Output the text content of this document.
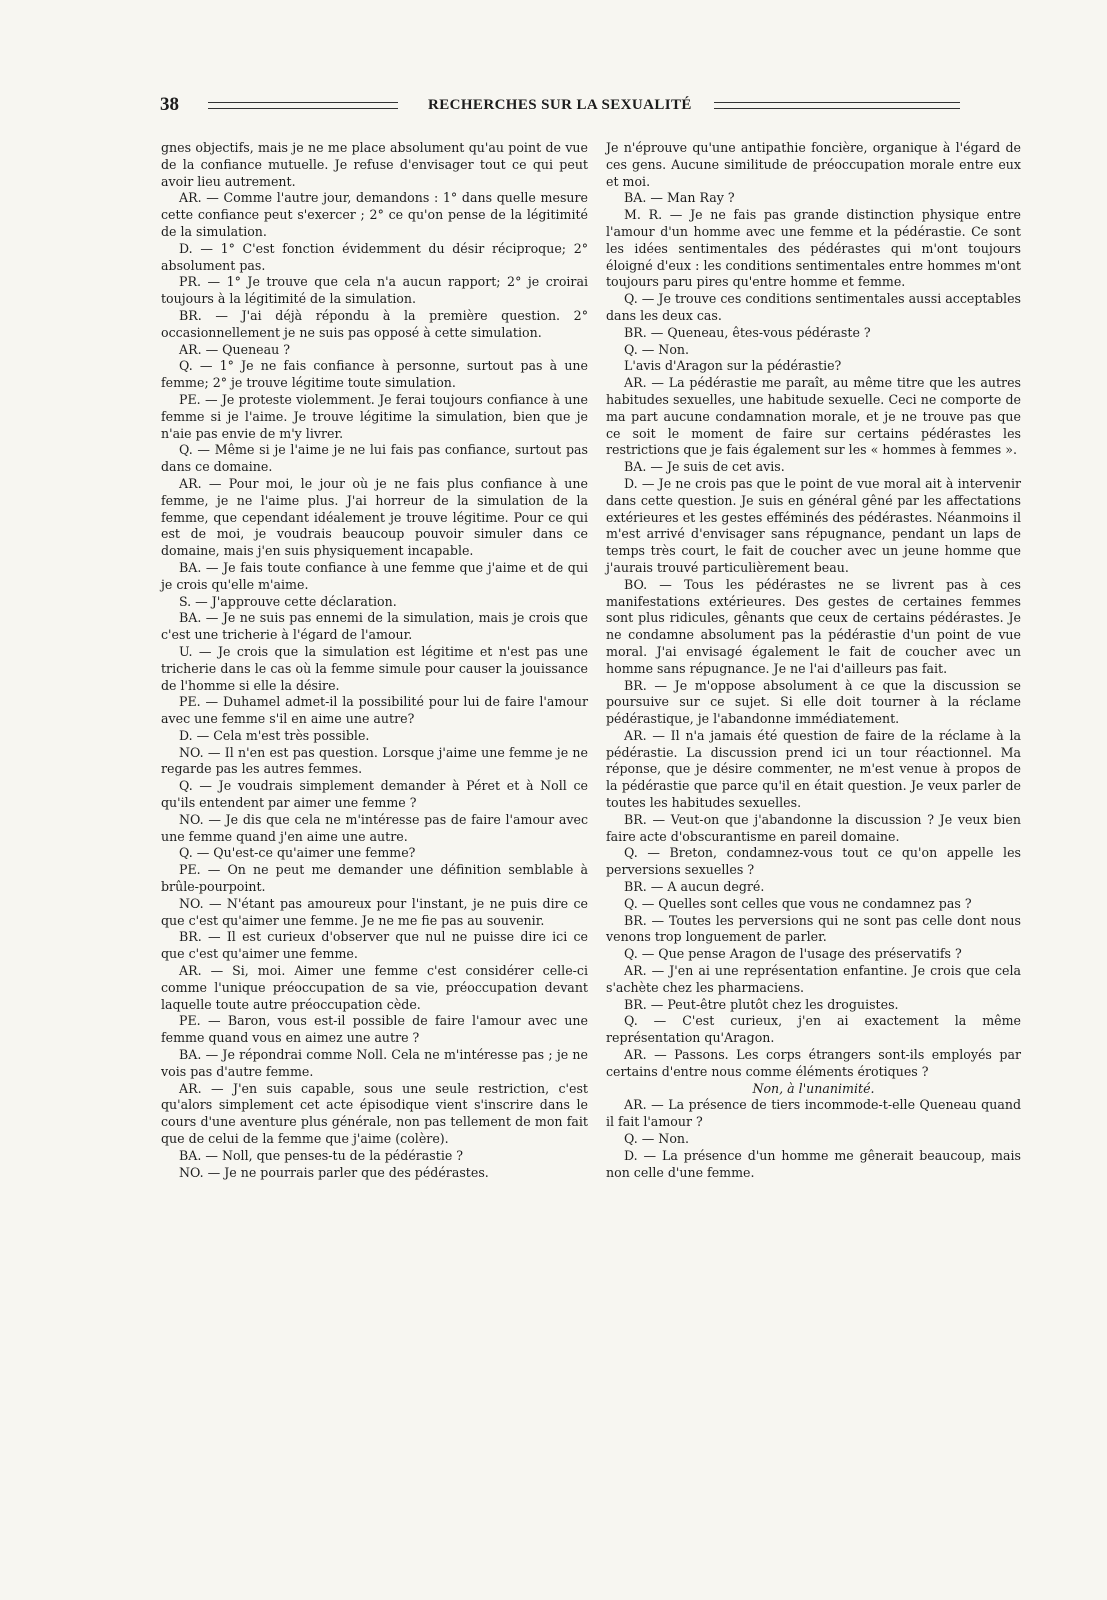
38	RECHERCHES SUR LA SEXUALITÉ

gnes objectifs, mais je ne me place absolument qu'au point de vue de la confiance mutuelle. Je refuse d'envisager tout ce qui peut avoir lieu autrement.

AR. — Comme l'autre jour, demandons : 1° dans quelle mesure cette confiance peut s'exercer ; 2° ce qu'on pense de la légitimité de la simulation.

D. — 1° C'est fonction évidemment du désir réciproque; 2° absolument pas.

PR. — 1° Je trouve que cela n'a aucun rapport; 2° je croirai toujours à la légitimité de la simulation.

BR. — J'ai déjà répondu à la première question. 2° occasionnellement je ne suis pas opposé à cette simulation.

AR. — Queneau ?

Q. — 1° Je ne fais confiance à personne, surtout pas à une femme; 2° je trouve légitime toute simulation.

PE. — Je proteste violemment. Je ferai toujours confiance à une femme si je l'aime. Je trouve légitime la simulation, bien que je n'aie pas envie de m'y livrer.

Q. — Même si je l'aime je ne lui fais pas confiance, surtout pas dans ce domaine.

AR. — Pour moi, le jour où je ne fais plus confiance à une femme, je ne l'aime plus. J'ai horreur de la simulation de la femme, que cependant idéalement je trouve légitime. Pour ce qui est de moi, je voudrais beaucoup pouvoir simuler dans ce domaine, mais j'en suis physiquement incapable.

BA. — Je fais toute confiance à une femme que j'aime et de qui je crois qu'elle m'aime.

S. — J'approuve cette déclaration.

BA. — Je ne suis pas ennemi de la simulation, mais je crois que c'est une tricherie à l'égard de l'amour.

U. — Je crois que la simulation est légitime et n'est pas une tricherie dans le cas où la femme simule pour causer la jouissance de l'homme si elle la désire.

PE. — Duhamel admet-il la possibilité pour lui de faire l'amour avec une femme s'il en aime une autre?

D. — Cela m'est très possible.

NO. — Il n'en est pas question. Lorsque j'aime une femme je ne regarde pas les autres femmes.

Q. — Je voudrais simplement demander à Péret et à Noll ce qu'ils entendent par aimer une femme ?

NO. — Je dis que cela ne m'intéresse pas de faire l'amour avec une femme quand j'en aime une autre.

Q. — Qu'est-ce qu'aimer une femme?

PE. — On ne peut me demander une définition semblable à brûle-pourpoint.

NO. — N'étant pas amoureux pour l'instant, je ne puis dire ce que c'est qu'aimer une femme. Je ne me fie pas au souvenir.

BR. — Il est curieux d'observer que nul ne puisse dire ici ce que c'est qu'aimer une femme.

AR. — Si, moi. Aimer une femme c'est considérer celle-ci comme l'unique préoccupation de sa vie, préoccupation devant laquelle toute autre préoccupation cède.

PE. — Baron, vous est-il possible de faire l'amour avec une femme quand vous en aimez une autre ?

BA. — Je répondrai comme Noll. Cela ne m'intéresse pas ; je ne vois pas d'autre femme.

AR. — J'en suis capable, sous une seule restriction, c'est qu'alors simplement cet acte épisodique vient s'inscrire dans le cours d'une aventure plus générale, non pas tellement de mon fait que de celui de la femme que j'aime (colère).

BA. — Noll, que penses-tu de la pédérastie ?

NO. — Je ne pourrais parler que des pédérastes.

Je n'éprouve qu'une antipathie foncière, organique à l'égard de ces gens. Aucune similitude de préoccupation morale entre eux et moi.

BA. — Man Ray ?

M. R. — Je ne fais pas grande distinction physique entre l'amour d'un homme avec une femme et la pédérastie. Ce sont les idées sentimentales des pédérastes qui m'ont toujours éloigné d'eux : les conditions sentimentales entre hommes m'ont toujours paru pires qu'entre homme et femme.

Q. — Je trouve ces conditions sentimentales aussi acceptables dans les deux cas.

BR. — Queneau, êtes-vous pédéraste ?

Q. — Non.

L'avis d'Aragon sur la pédérastie?

AR. — La pédérastie me paraît, au même titre que les autres habitudes sexuelles, une habitude sexuelle. Ceci ne comporte de ma part aucune condamnation morale, et je ne trouve pas que ce soit le moment de faire sur certains pédérastes les restrictions que je fais également sur les « hommes à femmes ».

BA. — Je suis de cet avis.

D. — Je ne crois pas que le point de vue moral ait à intervenir dans cette question. Je suis en général gêné par les affectations extérieures et les gestes efféminés des pédérastes. Néanmoins il m'est arrivé d'envisager sans répugnance, pendant un laps de temps très court, le fait de coucher avec un jeune homme que j'aurais trouvé particulièrement beau.

BO. — Tous les pédérastes ne se livrent pas à ces manifestations extérieures. Des gestes de certaines femmes sont plus ridicules, gênants que ceux de certains pédérastes. Je ne condamne absolument pas la pédérastie d'un point de vue moral. J'ai envisagé également le fait de coucher avec un homme sans répugnance. Je ne l'ai d'ailleurs pas fait.

BR. — Je m'oppose absolument à ce que la discussion se poursuive sur ce sujet. Si elle doit tourner à la réclame pédérastique, je l'abandonne immédiatement.

AR. — Il n'a jamais été question de faire de la réclame à la pédérastie. La discussion prend ici un tour réactionnel. Ma réponse, que je désire commenter, ne m'est venue à propos de la pédérastie que parce qu'il en était question. Je veux parler de toutes les habitudes sexuelles.

BR. — Veut-on que j'abandonne la discussion ? Je veux bien faire acte d'obscurantisme en pareil domaine.

Q. — Breton, condamnez-vous tout ce qu'on appelle les perversions sexuelles ?

BR. — A aucun degré.

Q. — Quelles sont celles que vous ne condamnez pas ?

BR. — Toutes les perversions qui ne sont pas celle dont nous venons trop longuement de parler.

Q. — Que pense Aragon de l'usage des préservatifs ?

AR. — J'en ai une représentation enfantine. Je crois que cela s'achète chez les pharmaciens.

BR. — Peut-être plutôt chez les droguistes.

Q. — C'est curieux, j'en ai exactement la même représentation qu'Aragon.

AR. — Passons. Les corps étrangers sont-ils employés par certains d'entre nous comme éléments érotiques ?

Non, à l'unanimité.

AR. — La présence de tiers incommode-t-elle Queneau quand il fait l'amour ?

Q. — Non.

D. — La présence d'un homme me gênerait beaucoup, mais non celle d'une femme.
